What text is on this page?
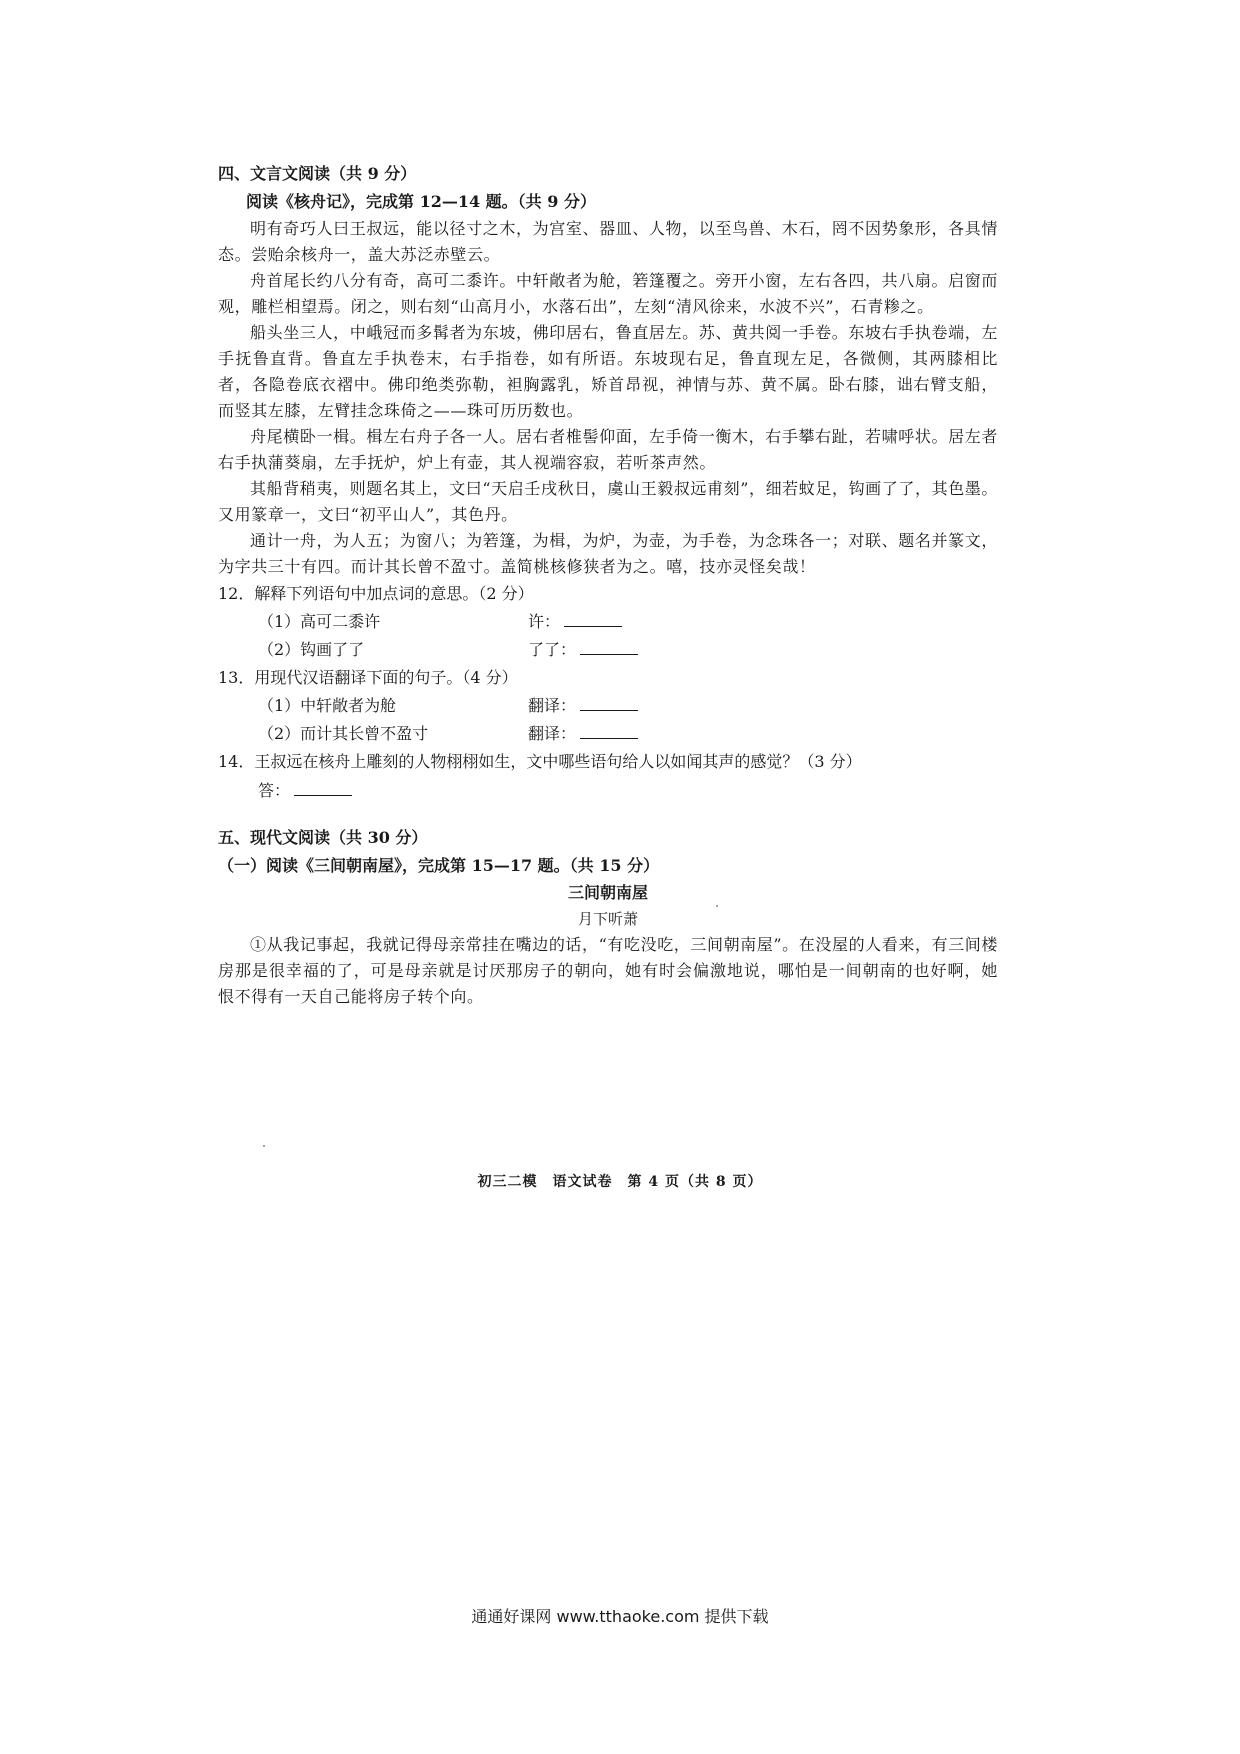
四、文言文阅读（共 9 分）

阅读《核舟记》，完成第 12—14 题。（共 9 分）

明有奇巧人曰王叔远，能以径寸之木，为宫室、器皿、人物，以至鸟兽、木石，罔不因势象形，各具情态。尝贻余核舟一，盖大苏泛赤壁云。

舟首尾长约八分有奇，高可二黍许。中轩敞者为舱，箬篷覆之。旁开小窗，左右各四，共八扇。启窗而观，雕栏相望焉。闭之，则右刻“山高月小，水落石出”，左刻“清风徐来，水波不兴”，石青糁之。

船头坐三人，中峨冠而多髯者为东坡，佛印居右，鲁直居左。苏、黄共阅一手卷。东坡右手执卷端，左手抚鲁直背。鲁直左手执卷末，右手指卷，如有所语。东坡现右足，鲁直现左足，各微侧，其两膝相比者，各隐卷底衣褶中。佛印绝类弥勒，袒胸露乳，矫首昂视，神情与苏、黄不属。卧右膝，诎右臂支船，而竖其左膝，左臂挂念珠倚之——珠可历历数也。

舟尾横卧一楫。楫左右舟子各一人。居右者椎髻仰面，左手倚一衡木，右手攀右趾，若啸呼状。居左者右手执蒲葵扇，左手抚炉，炉上有壶，其人视端容寂，若听茶声然。

其船背稍夷，则题名其上，文曰“天启壬戌秋日，虞山王毅叔远甫刻”，细若蚊足，钩画了了，其色墨。又用篆章一，文曰“初平山人”，其色丹。

通计一舟，为人五；为窗八；为箬篷，为楫，为炉，为壶，为手卷，为念珠各一；对联、题名并篆文，为字共三十有四。而计其长曾不盈寸。盖简桃核修狭者为之。嘻，技亦灵怪矣哉！

12．解释下列语句中加点词的意思。（2 分）

（1）高可二黍许	许：
（2）钩画了了	了了：

13．用现代汉语翻译下面的句子。（4 分）

（1）中轩敞者为舱	翻译：
（2）而计其长曾不盈寸	翻译：

14．王叔远在核舟上雕刻的人物栩栩如生，文中哪些语句给人以如闻其声的感觉？（3 分）

答：

五、现代文阅读（共 30 分）

（一）阅读《三间朝南屋》，完成第 15—17 题。（共 15 分）

三间朝南屋

月下听萧

①从我记事起，我就记得母亲常挂在嘴边的话，“有吃没吃，三间朝南屋”。在没屋的人看来，有三间楼房那是很幸福的了，可是母亲就是讨厌那房子的朝向，她有时会偏激地说，哪怕是一间朝南的也好啊，她恨不得有一天自己能将房子转个向。

初三二模　语文试卷　第 4 页（共 8 页）
通通好课网 www.tthaoke.com 提供下载
